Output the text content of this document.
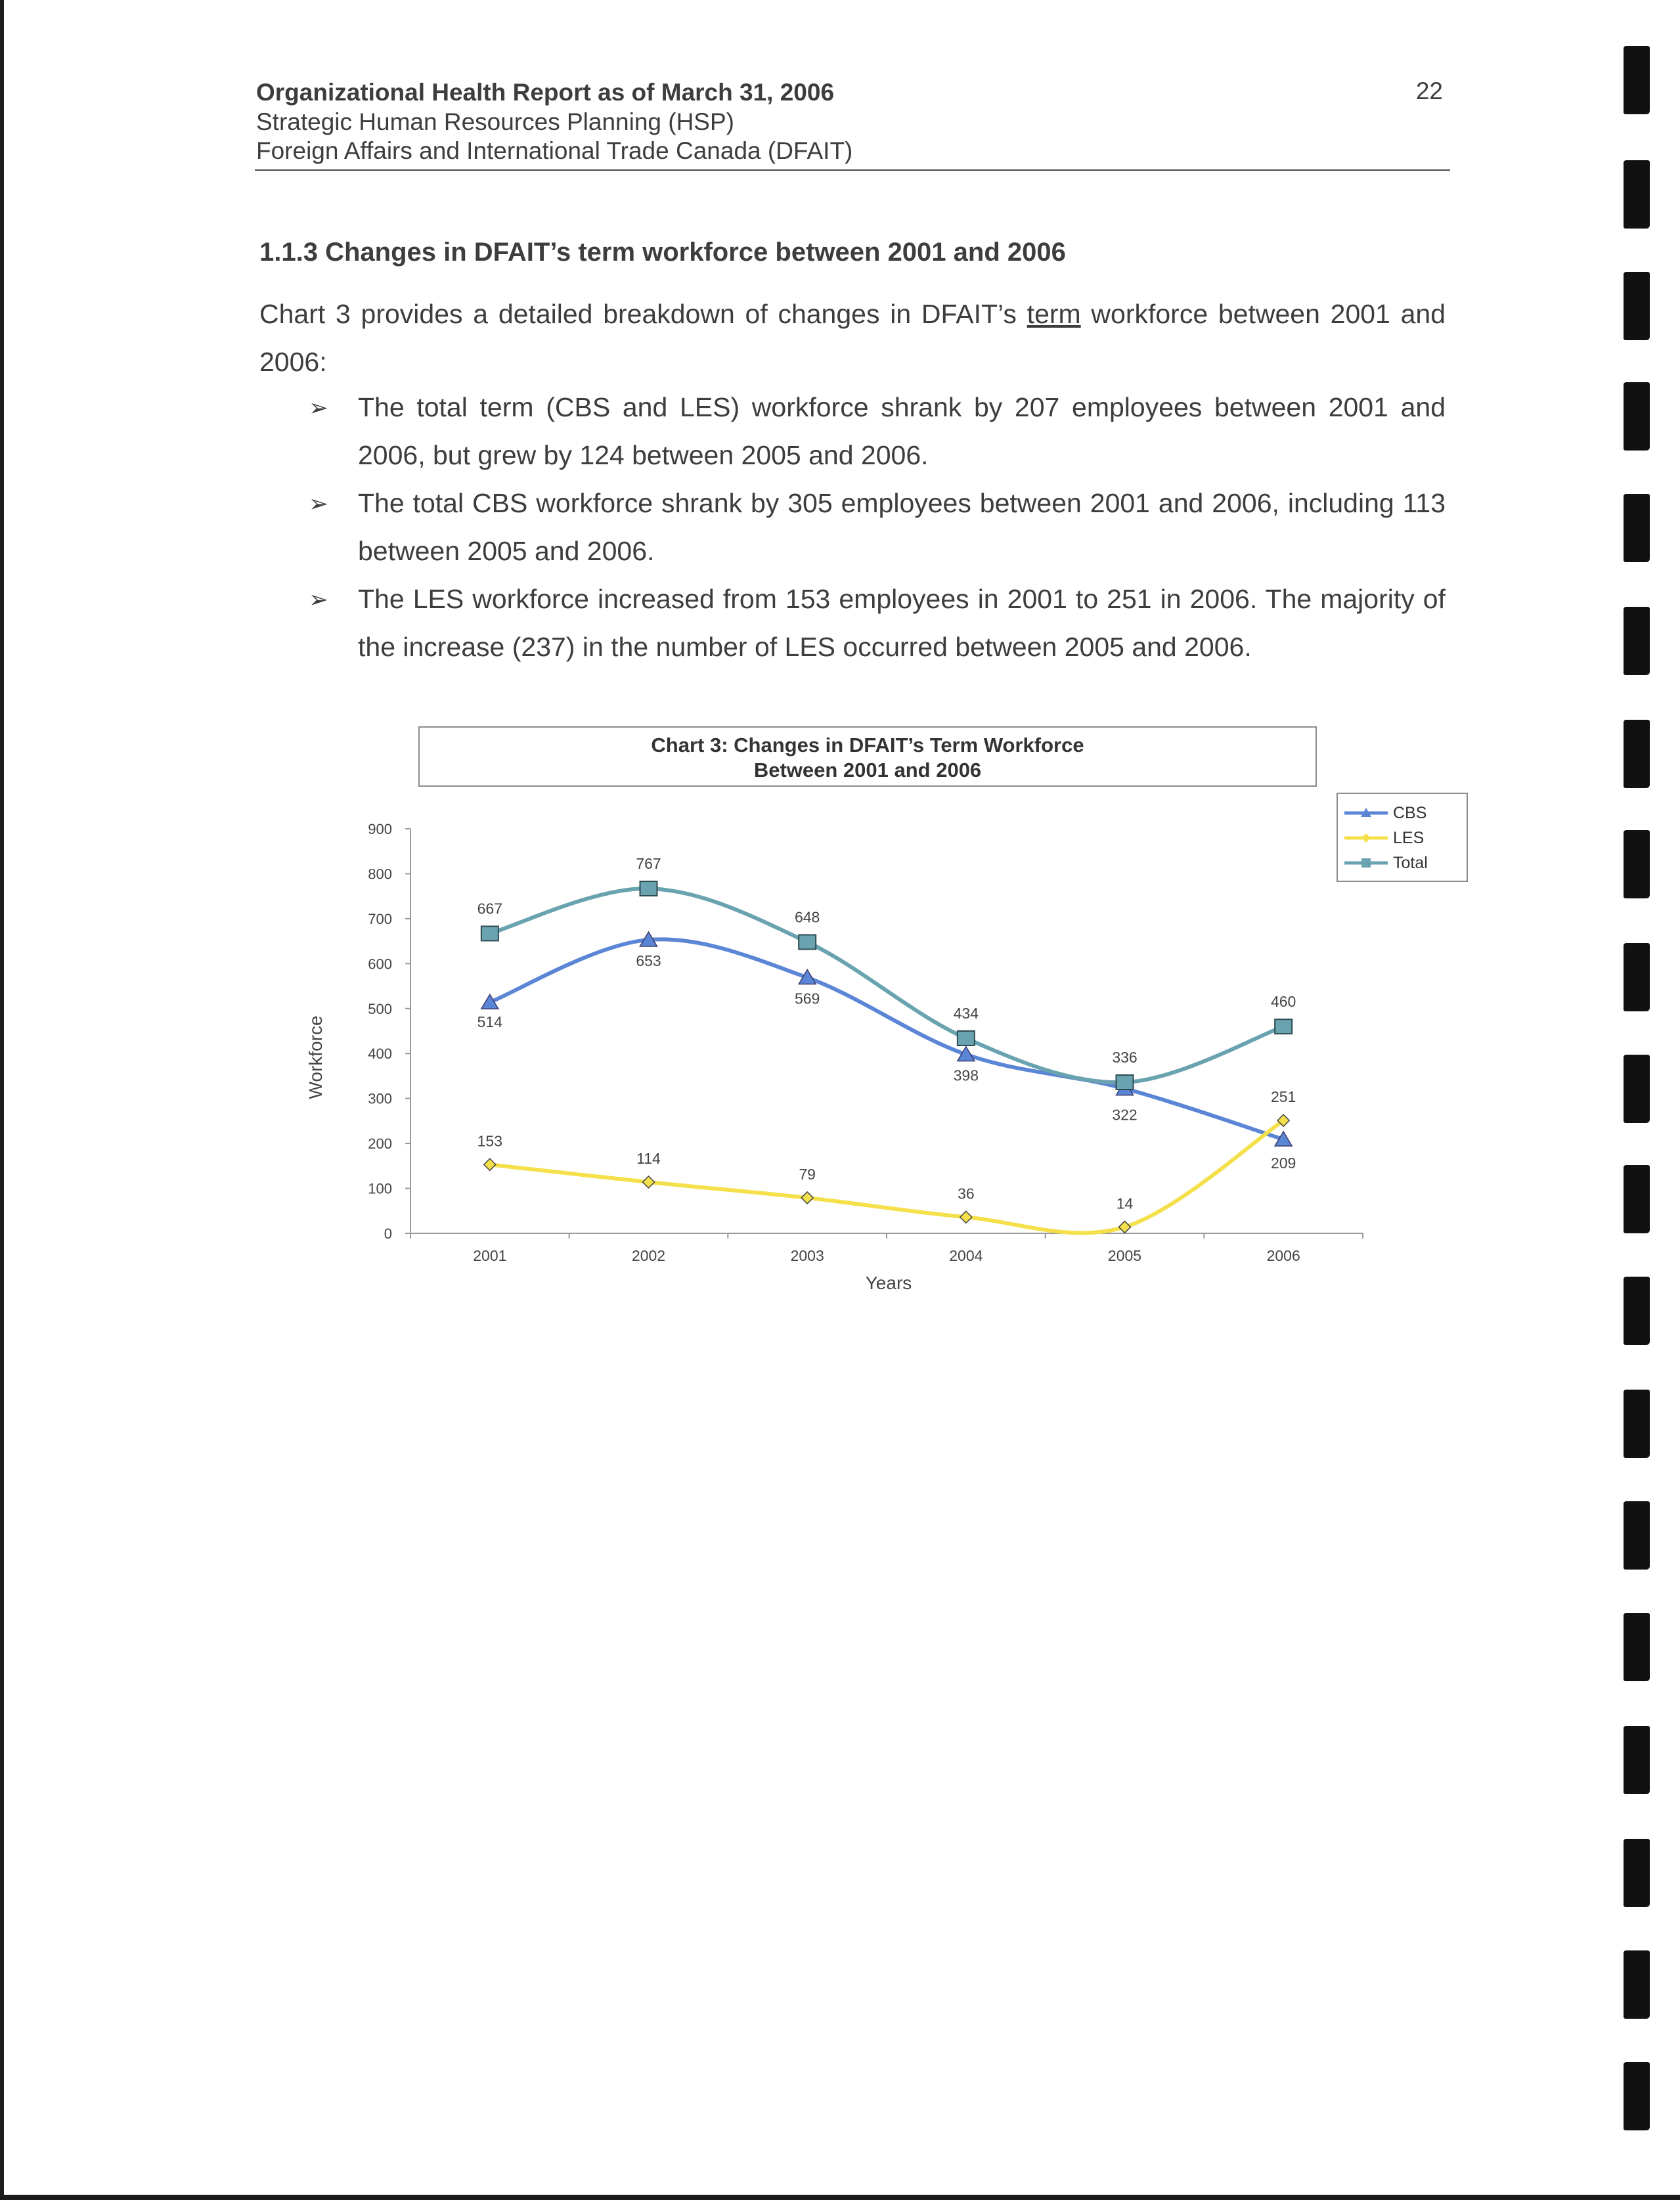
Organizational Health Report as of March 31, 2006
Strategic Human Resources Planning (HSP)
Foreign Affairs and International Trade Canada (DFAIT)
22
1.1.3 Changes in DFAIT’s term workforce between 2001 and 2006
Chart 3 provides a detailed breakdown of changes in DFAIT’s term workforce between 2001 and 2006:
➢ The total term (CBS and LES) workforce shrank by 207 employees between 2001 and 2006, but grew by 124 between 2005 and 2006.
➢ The total CBS workforce shrank by 305 employees between 2001 and 2006, including 113 between 2005 and 2006.
➢ The LES workforce increased from 153 employees in 2001 to 251 in 2006. The majority of the increase (237) in the number of LES occurred between 2005 and 2006.
Chart 3: Changes in DFAIT’s Term Workforce
Between 2001 and 2006
CBS
LES
Total
0
100
200
300
400
500
600
700
800
900
2001	2002	2003	2004	2005	2006
Years
Workforce	514
653
569
398
322
209
153
114
79
36
14
251
667
767
648
434
336
460
